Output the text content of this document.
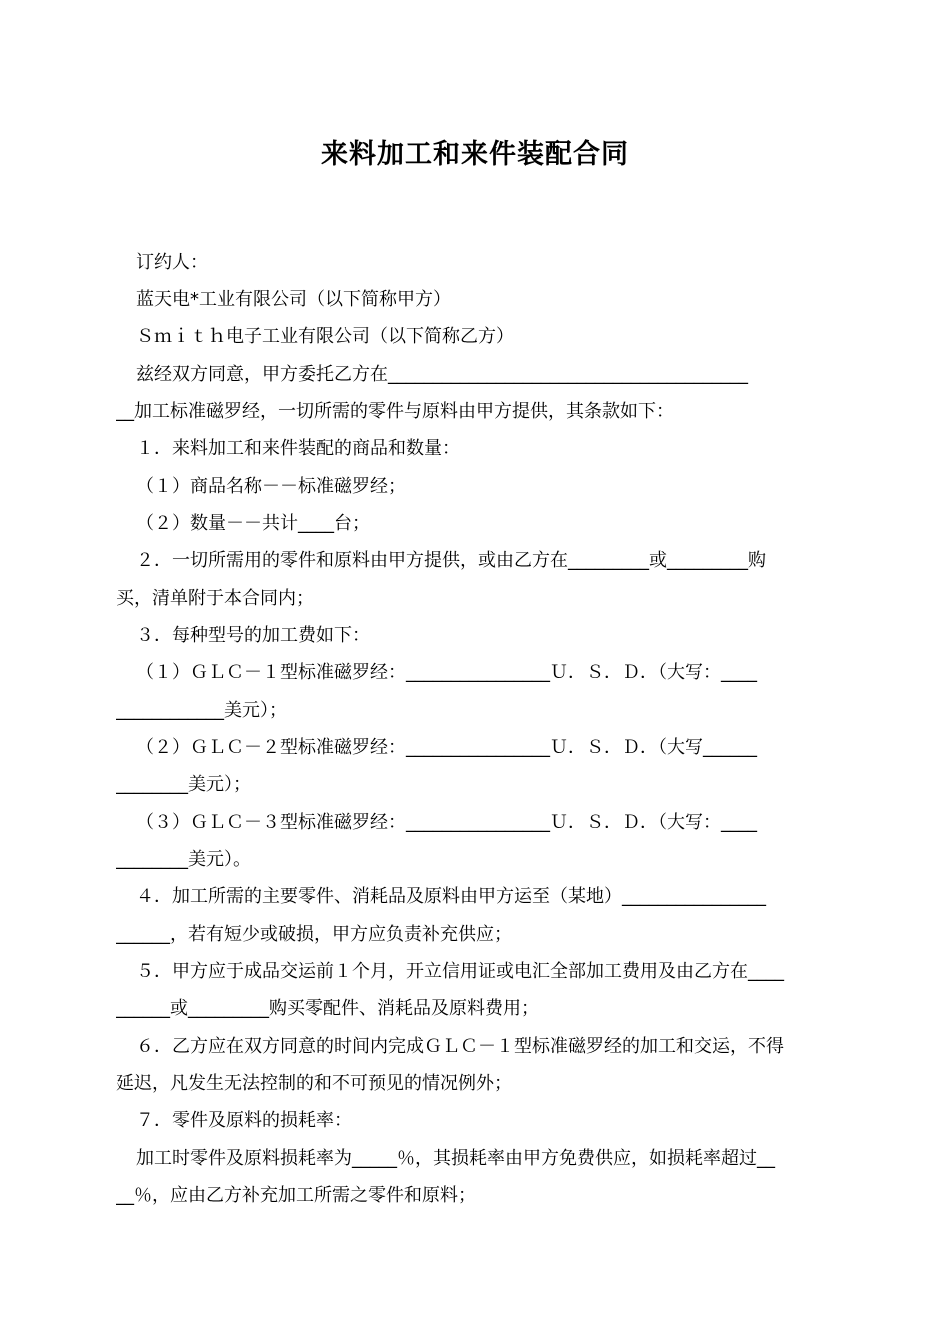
来料加工和来件装配合同
订约人：
蓝天电*工业有限公司（以下简称甲方）
Ｓｍｉｔｈ电子工业有限公司（以下简称乙方）
兹经双方同意，甲方委托乙方在________________________________________
__加工标准磁罗经，一切所需的零件与原料由甲方提供，其条款如下：
１．来料加工和来件装配的商品和数量：
（１）商品名称－－标准磁罗经；
（２）数量－－共计____台；
２．一切所需用的零件和原料由甲方提供，或由乙方在_________或_________购
买，清单附于本合同内；
３．每种型号的加工费如下：
（１）ＧＬＣ－１型标准磁罗经：________________Ｕ．Ｓ．Ｄ．（大写：____
____________美元）；
（２）ＧＬＣ－２型标准磁罗经：________________Ｕ．Ｓ．Ｄ．（大写______
________美元）；
（３）ＧＬＣ－３型标准磁罗经：________________Ｕ．Ｓ．Ｄ．（大写：____
________美元）。
４．加工所需的主要零件、消耗品及原料由甲方运至（某地）________________
______，若有短少或破损，甲方应负责补充供应；
５．甲方应于成品交运前１个月，开立信用证或电汇全部加工费用及由乙方在____
______或_________购买零配件、消耗品及原料费用；
６．乙方应在双方同意的时间内完成ＧＬＣ－１型标准磁罗经的加工和交运，不得
延迟，凡发生无法控制的和不可预见的情况例外；
７．零件及原料的损耗率：
加工时零件及原料损耗率为_____％，其损耗率由甲方免费供应，如损耗率超过__
__％，应由乙方补充加工所需之零件和原料；
